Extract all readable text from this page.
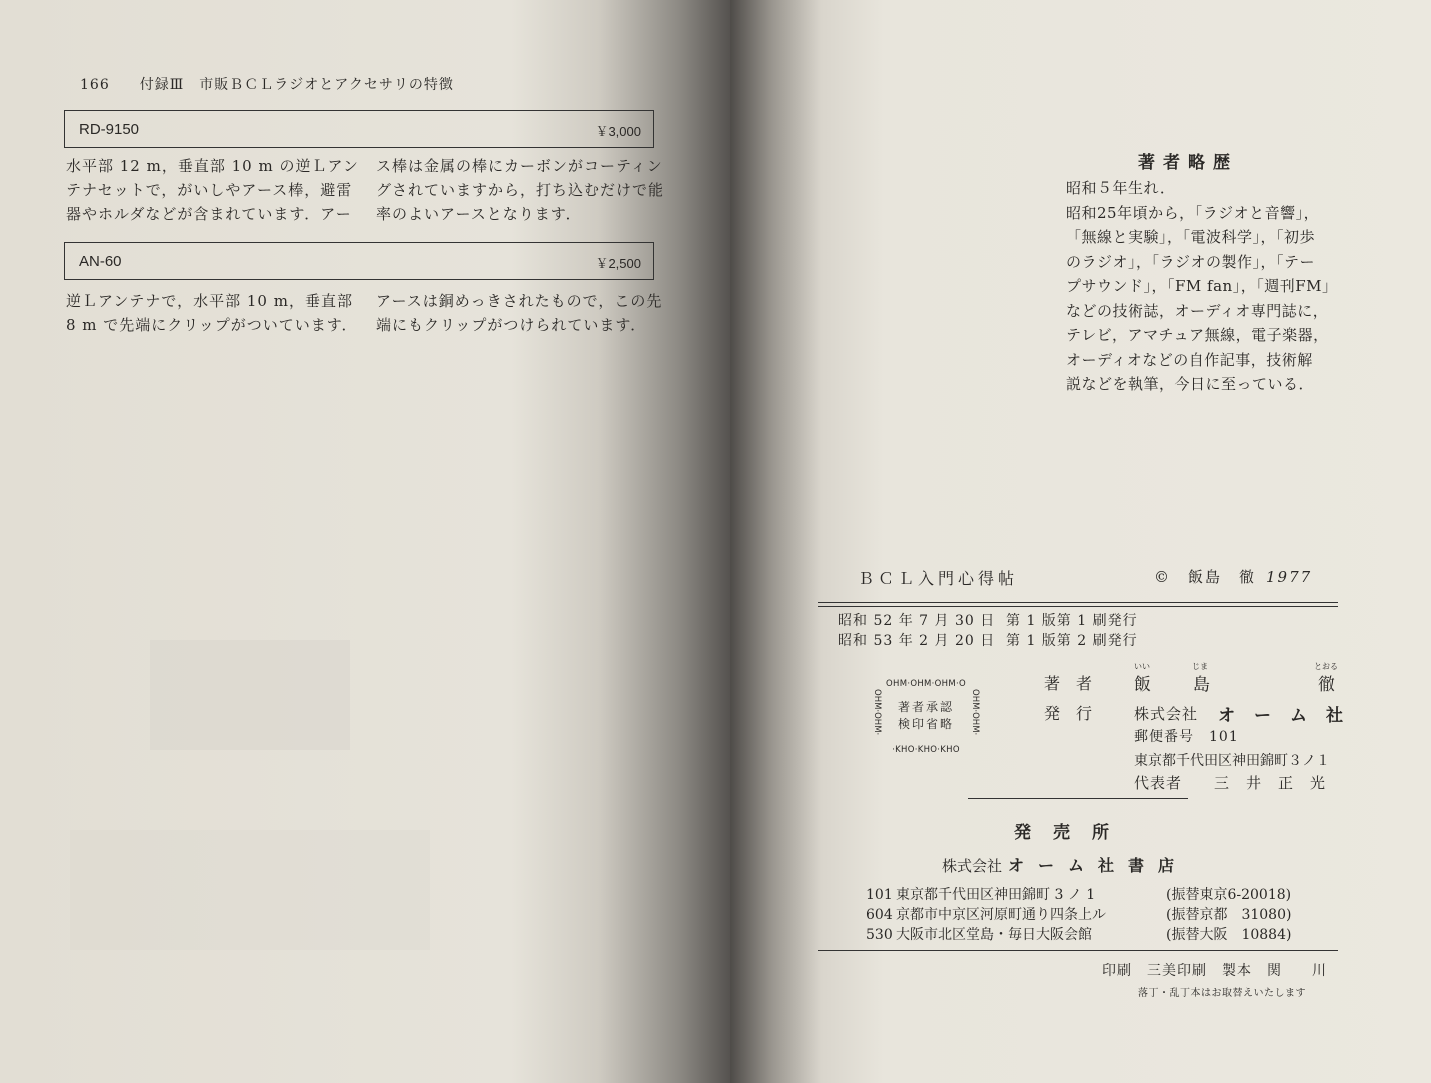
166 付録Ⅲ　市販ＢＣＬラジオとアクセサリの特徴
RD-9150	￥3,000
水平部 12 m，垂直部 10 m の逆Ｌアン
テナセットで，がいしやアース棒，避雷
器やホルダなどが含まれています．アー
ス棒は金属の棒にカーボンがコーティン
グされていますから，打ち込むだけで能
率のよいアースとなります．
AN-60	￥2,500
逆Ｌアンテナで，水平部 10 m，垂直部
8 m で先端にクリップがついています．
アースは銅めっきされたもので，この先
端にもクリップがつけられています．
著者略歴
昭和５年生れ．
昭和25年頃から，「ラジオと音響」，
「無線と実験」，「電波科学」，「初歩
のラジオ」，「ラジオの製作」，「テー
プサウンド」，「FM fan」，「週刊FM」
などの技術誌，オーディオ専門誌に，
テレビ，アマチュア無線，電子楽器，
オーディオなどの自作記事，技術解
説などを執筆，今日に至っている．
ＢＣＬ入門心得帖	©　飯島　徹 1977
昭和 52 年 7 月 30 日 第 1 版第 1 刷発行
昭和 53 年 2 月 20 日 第 1 版第 2 刷発行
OHM·OHM·OHM·O
OHM·OHM·	OHM·OHM·
著者承認
検印省略
·KHO·KHO·KHO
著者
いい
飯
じま
島
とおる
徹
発行 株式会社 オ　ー　ム　社
郵便番号　101
東京都千代田区神田錦町３ノ１
代表者　　三　井　正　光
発売所
株式会社 オーム社書店
101 東京都千代田区神田錦町 3 ノ 1	(振替東京6-20018)
604 京都市中京区河原町通り四条上ル	(振替京都　31080)
530 大阪市北区堂島・毎日大阪会館	(振替大阪　10884)
印刷　三美印刷　製本　関　　川
落丁・乱丁本はお取替えいたします
